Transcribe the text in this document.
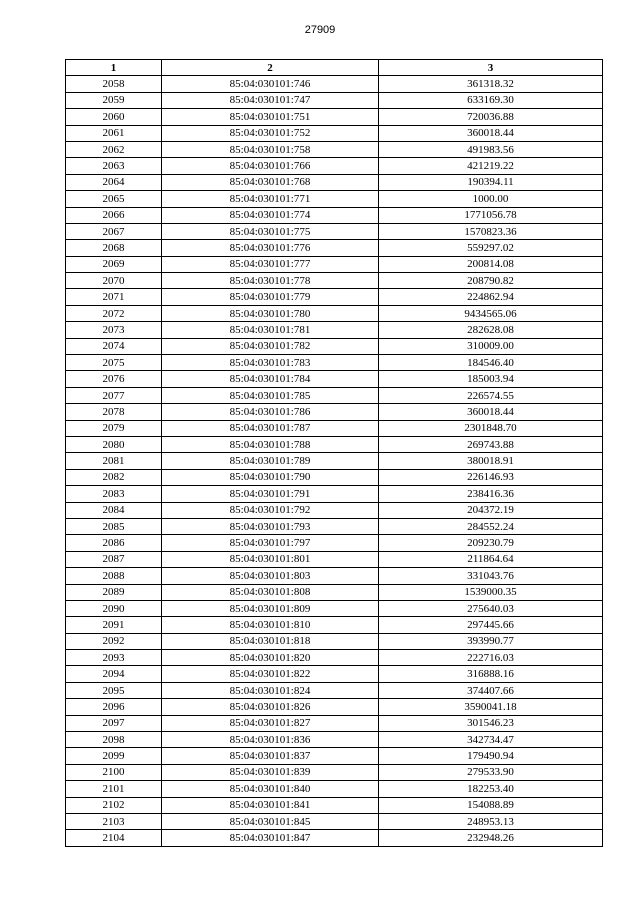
27909
1	2	3
2058	85:04:030101:746	361318.32
2059	85:04:030101:747	633169.30
2060	85:04:030101:751	720036.88
2061	85:04:030101:752	360018.44
2062	85:04:030101:758	491983.56
2063	85:04:030101:766	421219.22
2064	85:04:030101:768	190394.11
2065	85:04:030101:771	1000.00
2066	85:04:030101:774	1771056.78
2067	85:04:030101:775	1570823.36
2068	85:04:030101:776	559297.02
2069	85:04:030101:777	200814.08
2070	85:04:030101:778	208790.82
2071	85:04:030101:779	224862.94
2072	85:04:030101:780	9434565.06
2073	85:04:030101:781	282628.08
2074	85:04:030101:782	310009.00
2075	85:04:030101:783	184546.40
2076	85:04:030101:784	185003.94
2077	85:04:030101:785	226574.55
2078	85:04:030101:786	360018.44
2079	85:04:030101:787	2301848.70
2080	85:04:030101:788	269743.88
2081	85:04:030101:789	380018.91
2082	85:04:030101:790	226146.93
2083	85:04:030101:791	238416.36
2084	85:04:030101:792	204372.19
2085	85:04:030101:793	284552.24
2086	85:04:030101:797	209230.79
2087	85:04:030101:801	211864.64
2088	85:04:030101:803	331043.76
2089	85:04:030101:808	1539000.35
2090	85:04:030101:809	275640.03
2091	85:04:030101:810	297445.66
2092	85:04:030101:818	393990.77
2093	85:04:030101:820	222716.03
2094	85:04:030101:822	316888.16
2095	85:04:030101:824	374407.66
2096	85:04:030101:826	3590041.18
2097	85:04:030101:827	301546.23
2098	85:04:030101:836	342734.47
2099	85:04:030101:837	179490.94
2100	85:04:030101:839	279533.90
2101	85:04:030101:840	182253.40
2102	85:04:030101:841	154088.89
2103	85:04:030101:845	248953.13
2104	85:04:030101:847	232948.26
